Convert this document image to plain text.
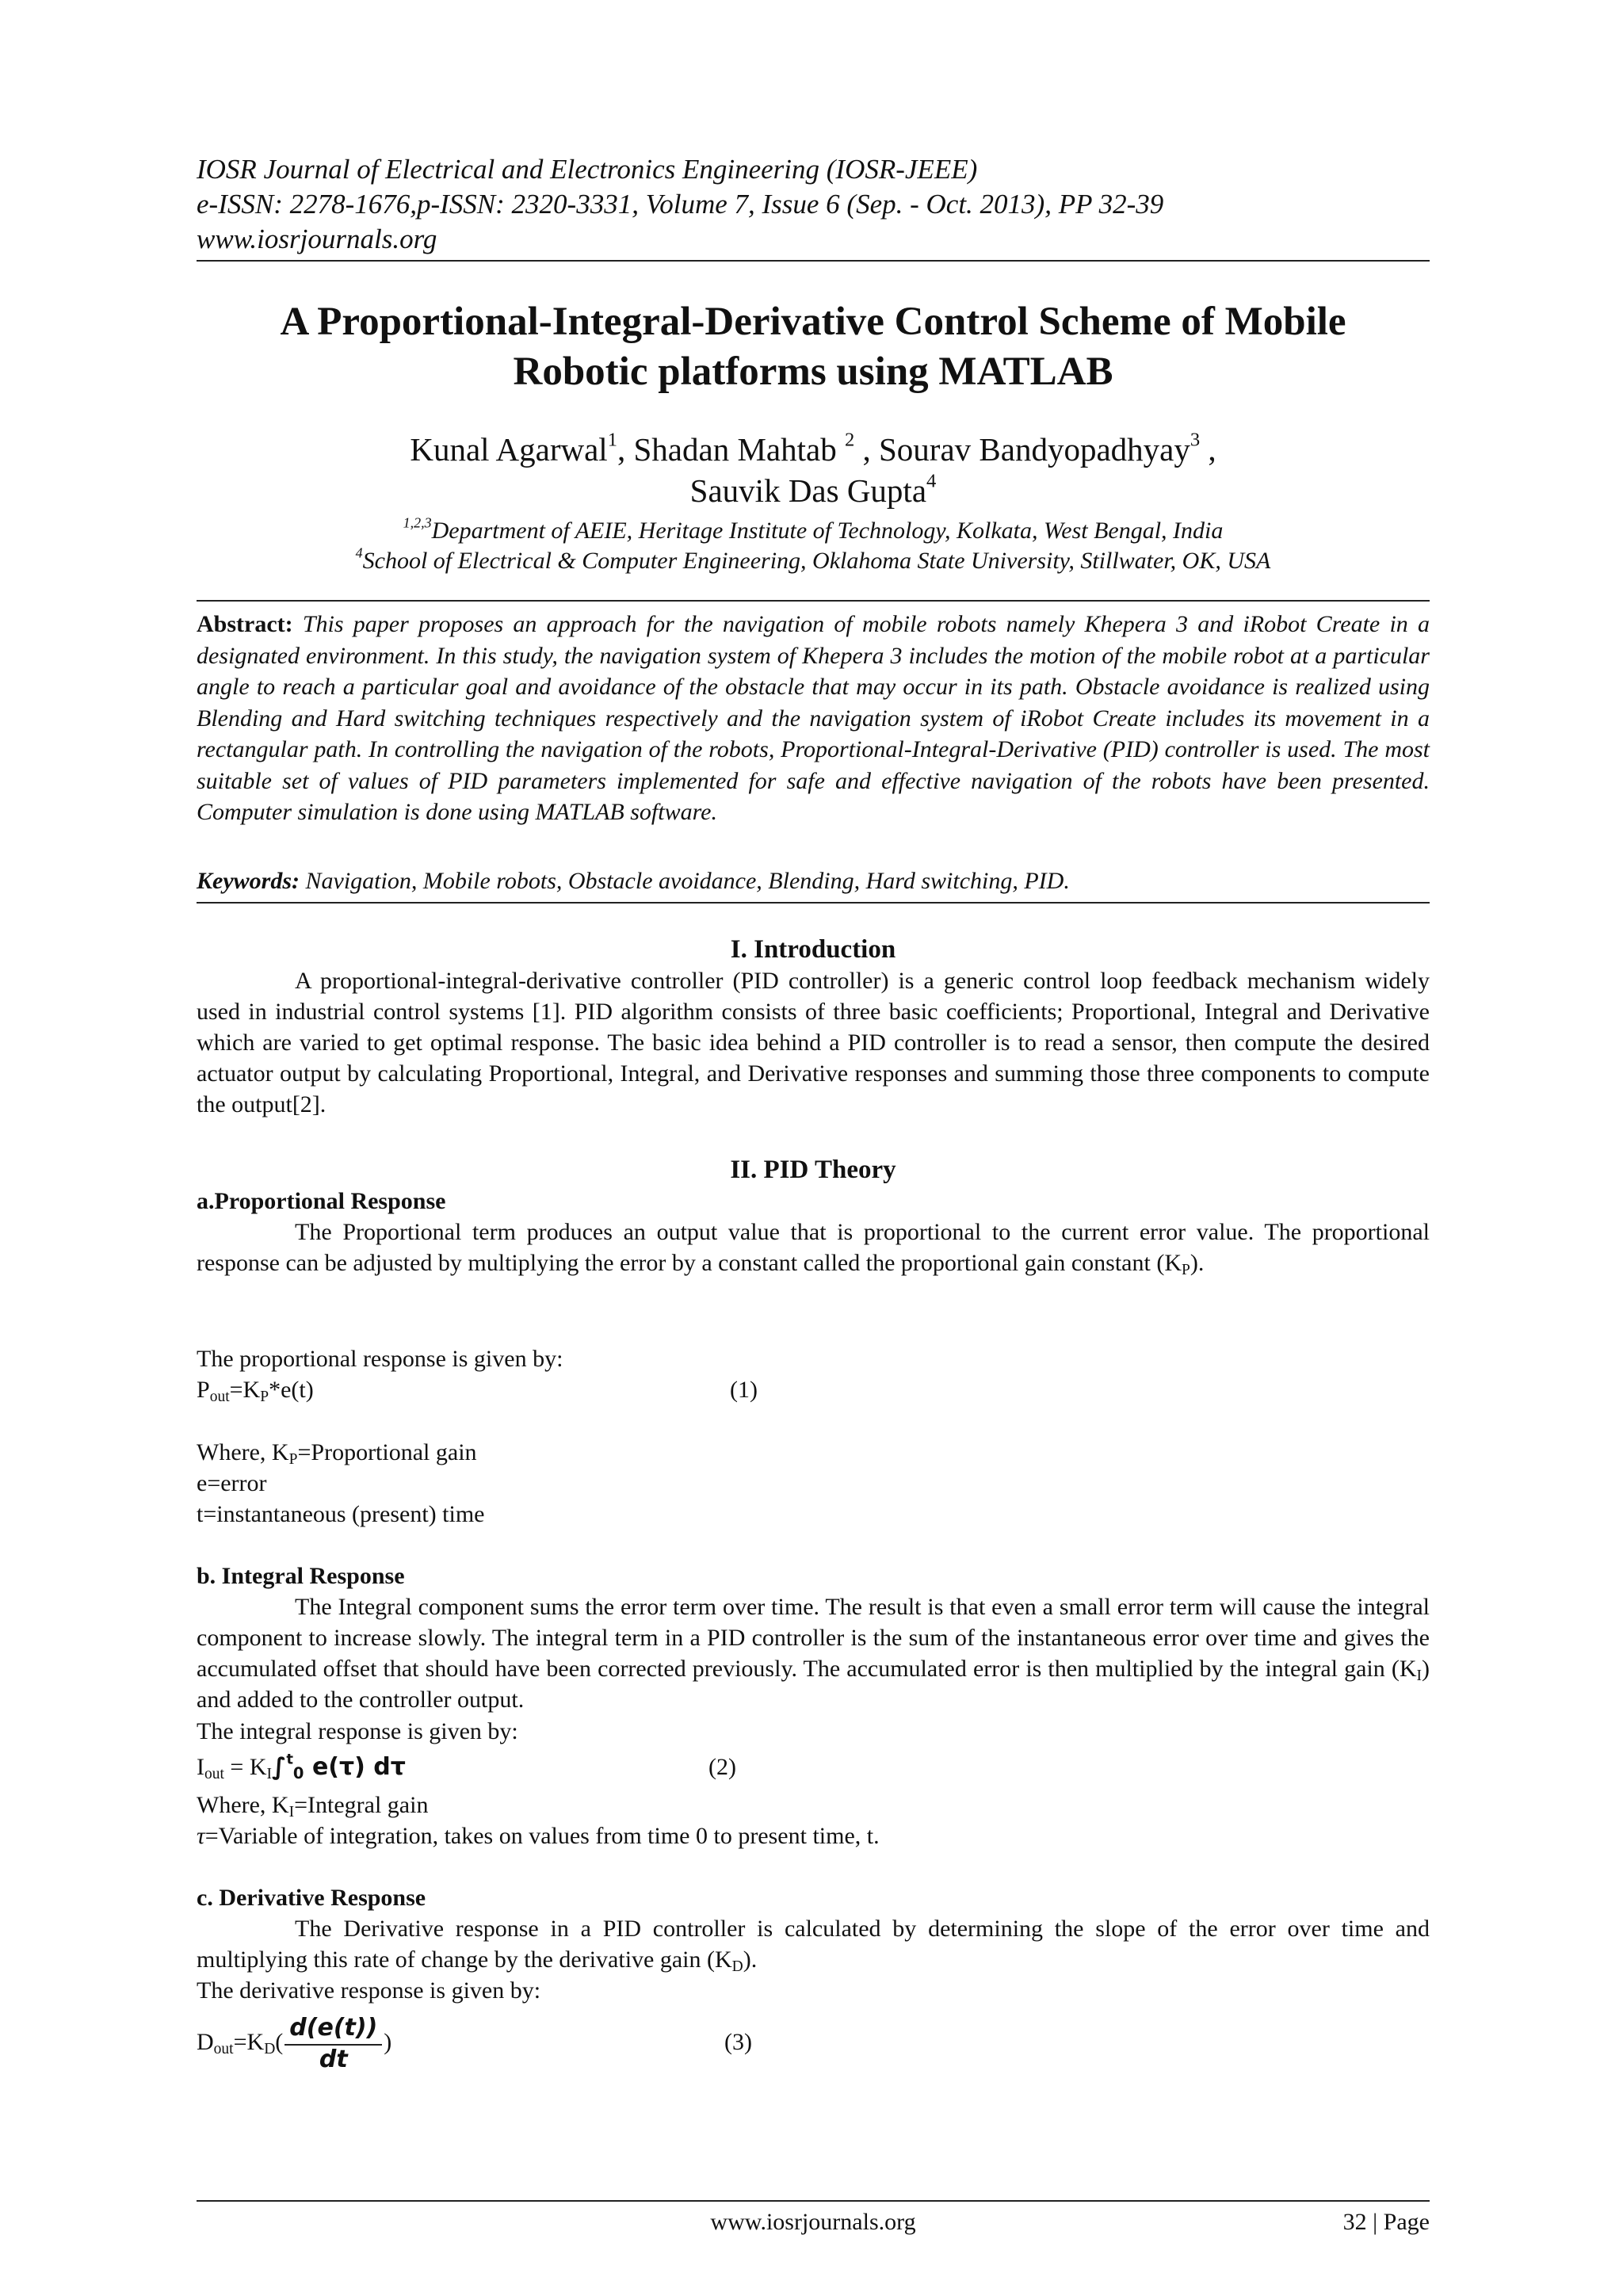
IOSR Journal of Electrical and Electronics Engineering (IOSR-JEEE)
e-ISSN: 2278-1676,p-ISSN: 2320-3331, Volume 7, Issue 6 (Sep. - Oct. 2013), PP 32-39
www.iosrjournals.org
A Proportional-Integral-Derivative Control Scheme of Mobile
Robotic platforms using MATLAB
Kunal Agarwal$^1$, Shadan Mahtab $^2$ , Sourav Bandyopadhyay$^3$ ,
Sauvik Das Gupta$^4$
$^{1,2,3}$Department of AEIE, Heritage Institute of Technology, Kolkata, West Bengal, India
$^4$School of Electrical & Computer Engineering, Oklahoma State University, Stillwater, OK, USA
Abstract: This paper proposes an approach for the navigation of mobile robots namely Khepera 3 and iRobot Create in a designated environment. In this study, the navigation system of Khepera 3 includes the motion of the mobile robot at a particular angle to reach a particular goal and avoidance of the obstacle that may occur in its path. Obstacle avoidance is realized using Blending and Hard switching techniques respectively and the navigation system of iRobot Create includes its movement in a rectangular path. In controlling the navigation of the robots, Proportional-Integral-Derivative (PID) controller is used. The most suitable set of values of PID parameters implemented for safe and effective navigation of the robots have been presented. Computer simulation is done using MATLAB software.
Keywords: Navigation, Mobile robots, Obstacle avoidance, Blending, Hard switching, PID.
I. Introduction
A proportional-integral-derivative controller (PID controller) is a generic control loop feedback mechanism widely used in industrial control systems [1]. PID algorithm consists of three basic coefficients; Proportional, Integral and Derivative which are varied to get optimal response. The basic idea behind a PID controller is to read a sensor, then compute the desired actuator output by calculating Proportional, Integral, and Derivative responses and summing those three components to compute the output[2].
II. PID Theory
a.Proportional Response
The Proportional term produces an output value that is proportional to the current error value. The proportional response can be adjusted by multiplying the error by a constant called the proportional gain constant $(K_P)$.
The proportional response is given by:
$P_{out}=K_P*e(t)$	(1)
Where, $K_P=Proportional$ gain
e=error
t=instantaneous (present) time
b. Integral Response
The Integral component sums the error term over time. The result is that even a small error term will cause the integral component to increase slowly. The integral term in a PID controller is the sum of the instantaneous error over time and gives the accumulated offset that should have been corrected previously. The accumulated error is then multiplied by the integral gain $(K_I)$ and added to the controller output.
The integral response is given by:
$I_{out} = K_I\int^t_0$ e(τ) dτ	(2)
Where, $K_I=Integral$ gain
τ=Variable of integration, takes on values from time 0 to present time, t.
c. Derivative Response
The Derivative response in a PID controller is calculated by determining the slope of the error over time and multiplying this rate of change by the derivative gain $(K_D)$.
The derivative response is given by:
$D_{out}=K_D( \frac{d(e(t))}{dt}$ )	(3)
www.iosrjournals.org	32 | Page
